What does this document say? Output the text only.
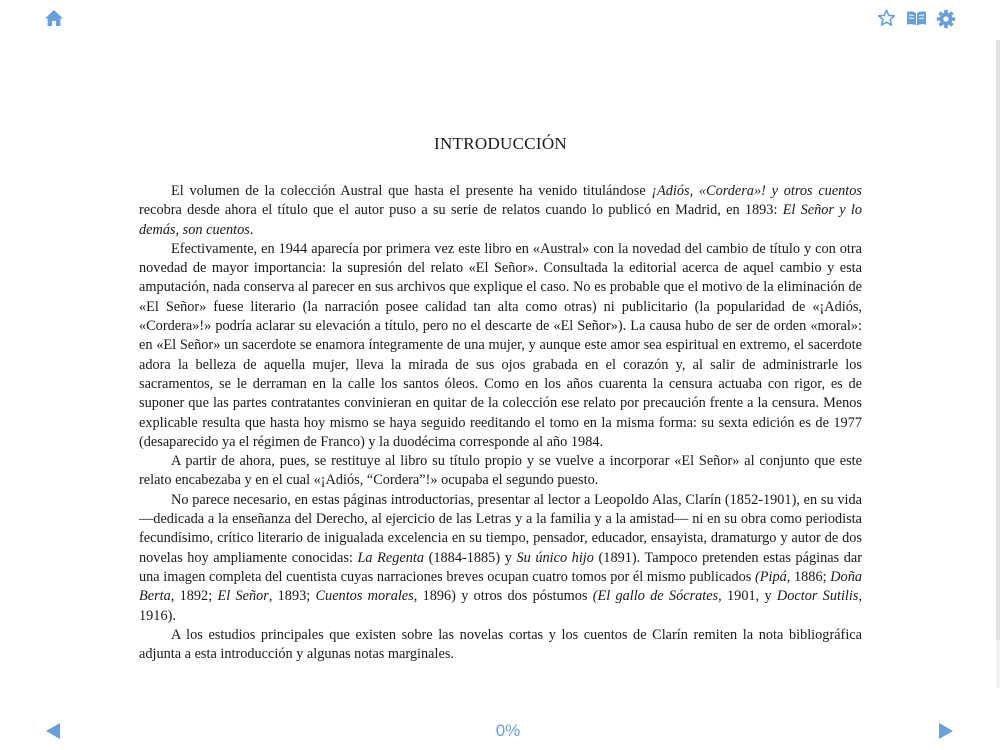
INTRODUCCIÓN

El volumen de la colección Austral que hasta el presente ha venido titulándose ¡Adiós, «Cordera»! y otros cuentos recobra desde ahora el título que el autor puso a su serie de relatos cuando lo publicó en Madrid, en 1893: El Señor y lo demás, son cuentos.

Efectivamente, en 1944 aparecía por primera vez este libro en «Austral» con la novedad del cambio de título y con otra novedad de mayor importancia: la supresión del relato «El Señor». Consultada la editorial acerca de aquel cambio y esta amputación, nada conserva al parecer en sus archivos que explique el caso. No es probable que el motivo de la eliminación de «El Señor» fuese literario (la narración posee calidad tan alta como otras) ni publicitario (la popularidad de «¡Adiós, «Cordera»!» podría aclarar su elevación a título, pero no el descarte de «El Señor»). La causa hubo de ser de orden «moral»: en «El Señor» un sacerdote se enamora íntegramente de una mujer, y aunque este amor sea espiritual en extremo, el sacerdote adora la belleza de aquella mujer, lleva la mirada de sus ojos grabada en el corazón y, al salir de administrarle los sacramentos, se le derraman en la calle los santos óleos. Como en los años cuarenta la censura actuaba con rigor, es de suponer que las partes contratantes convinieran en quitar de la colección ese relato por precaución frente a la censura. Menos explicable resulta que hasta hoy mismo se haya seguido reeditando el tomo en la misma forma: su sexta edición es de 1977 (desaparecido ya el régimen de Franco) y la duodécima corresponde al año 1984.

A partir de ahora, pues, se restituye al libro su título propio y se vuelve a incorporar «El Señor» al conjunto que este relato encabezaba y en el cual «¡Adiós, “Cordera”!» ocupaba el segundo puesto.

No parece necesario, en estas páginas introductorias, presentar al lector a Leopoldo Alas, Clarín (1852-1901), en su vida —dedicada a la enseñanza del Derecho, al ejercicio de las Letras y a la familia y a la amistad— ni en su obra como periodista fecundísimo, crítico literario de inigualada excelencia en su tiempo, pensador, educador, ensayista, dramaturgo y autor de dos novelas hoy ampliamente conocidas: La Regenta (1884-1885) y Su único hijo (1891). Tampoco pretenden estas páginas dar una imagen completa del cuentista cuyas narraciones breves ocupan cuatro tomos por él mismo publicados (Pipá, 1886; Doña Berta, 1892; El Señor, 1893; Cuentos morales, 1896) y otros dos póstumos (El gallo de Sócrates, 1901, y Doctor Sutilis, 1916).

A los estudios principales que existen sobre las novelas cortas y los cuentos de Clarín remiten la nota bibliográfica adjunta a esta introducción y algunas notas marginales.

0%
